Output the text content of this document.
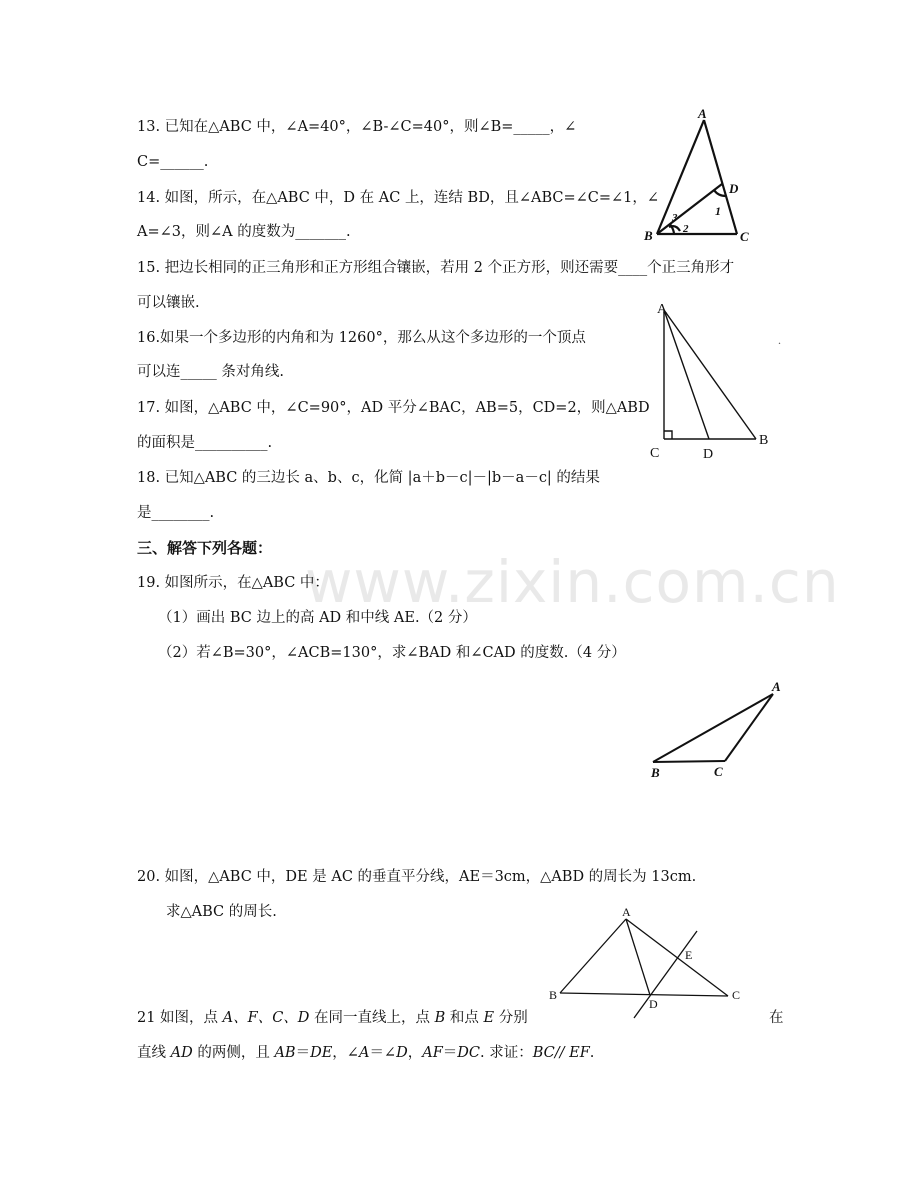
www.zixin.com.cn
13. 已知在△ABC 中，∠A=40°，∠B-∠C=40°，则∠B=_____，∠
C=______.
14. 如图，所示，在△ABC 中，D 在 AC 上，连结 BD，且∠ABC=∠C=∠1，∠
A=∠3，则∠A 的度数为_______.
15. 把边长相同的正三角形和正方形组合镶嵌，若用 2 个正方形，则还需要____个正三角形才
可以镶嵌.
16.如果一个多边形的内角和为 1260°，那么从这个多边形的一个顶点
可以连_____ 条对角线.
17. 如图，△ABC 中，∠C=90°，AD 平分∠BAC，AB=5，CD=2，则△ABD
的面积是__________.
18. 已知△ABC 的三边长 a、b、c，化简 |a＋b－c|－|b－a－c| 的结果
是________.
三、解答下列各题：
19. 如图所示，在△ABC 中：
（1）画出 BC 边上的高 AD 和中线 AE.（2 分）
（2）若∠B=30°，∠ACB=130°，求∠BAD 和∠CAD 的度数.（4 分）
20. 如图，△ABC 中，DE 是 AC 的垂直平分线，AE＝3cm，△ABD 的周长为 13cm.
求△ABC 的周长.
21 如图，点 A、F、C、D 在同一直线上，点 B 和点 E 分别	在
直线 AD 的两侧，且 AB＝DE，∠A＝∠D，AF＝DC. 求证：BC// EF.
A
B	C
D
1
2
3
A
C	D
B
.
A
B	C
A
B	C
D
E
